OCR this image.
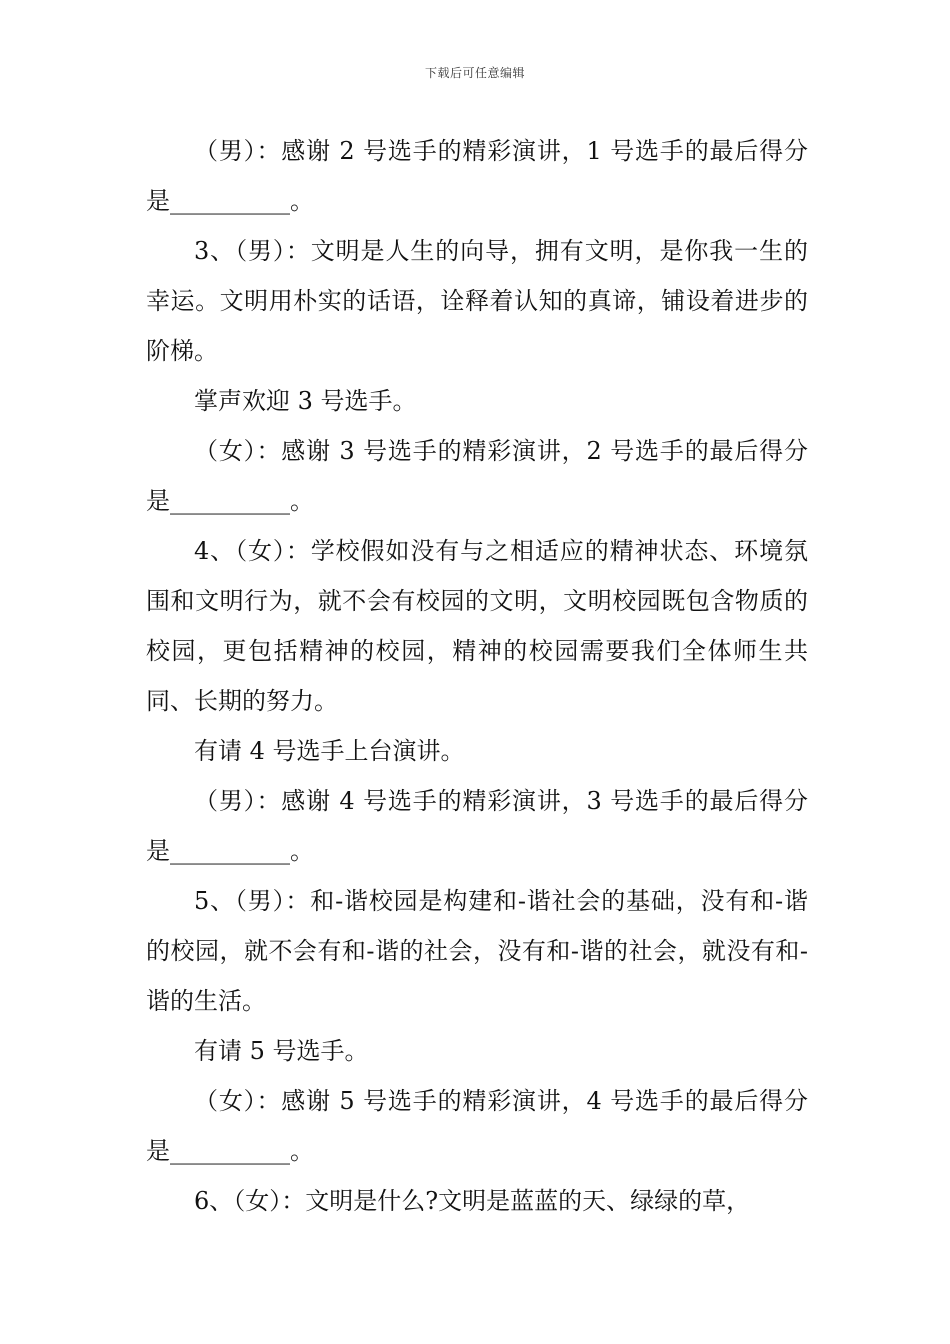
下载后可任意编辑

（男）：感谢 2 号选手的精彩演讲，1 号选手的最后得分是__________。

3、（男）：文明是人生的向导，拥有文明，是你我一生的幸运。文明用朴实的话语，诠释着认知的真谛，铺设着进步的阶梯。

掌声欢迎 3 号选手。

（女）：感谢 3 号选手的精彩演讲，2 号选手的最后得分是__________。

4、（女）：学校假如没有与之相适应的精神状态、环境氛围和文明行为，就不会有校园的文明，文明校园既包含物质的校园，更包括精神的校园，精神的校园需要我们全体师生共同、长期的努力。

有请 4 号选手上台演讲。

（男）：感谢 4 号选手的精彩演讲，3 号选手的最后得分是__________。

5、（男）：和-谐校园是构建和-谐社会的基础，没有和-谐的校园，就不会有和-谐的社会，没有和-谐的社会，就没有和-谐的生活。

有请 5 号选手。

（女）：感谢 5 号选手的精彩演讲，4 号选手的最后得分是__________。

6、（女）：文明是什么?文明是蓝蓝的天、绿绿的草，
